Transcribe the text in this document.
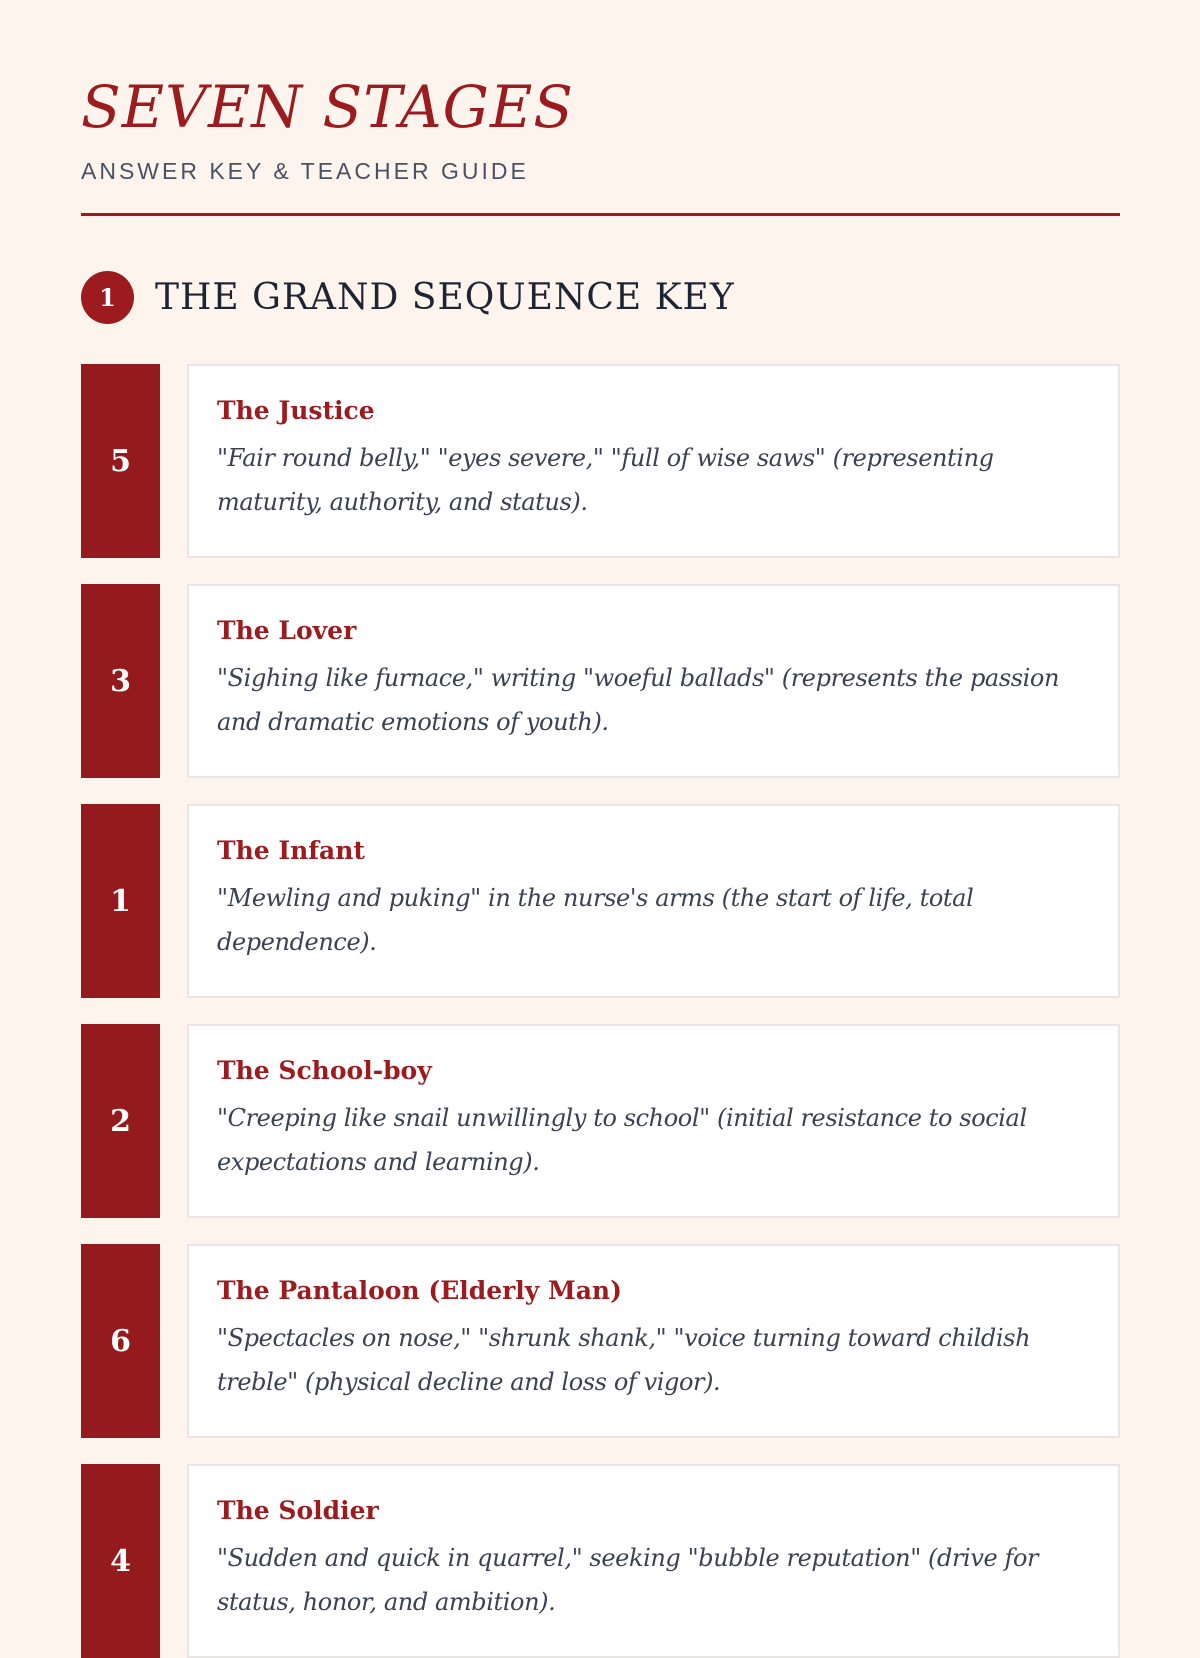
SEVEN STAGES
ANSWER KEY & TEACHER GUIDE
1	THE GRAND SEQUENCE KEY
5
The Justice
"Fair round belly," "eyes severe," "full of wise saws" (representing maturity, authority, and status).
3
The Lover
"Sighing like furnace," writing "woeful ballads" (represents the passion and dramatic emotions of youth).
1
The Infant
"Mewling and puking" in the nurse's arms (the start of life, total dependence).
2
The School-boy
"Creeping like snail unwillingly to school" (initial resistance to social expectations and learning).
6
The Pantaloon (Elderly Man)
"Spectacles on nose," "shrunk shank," "voice turning toward childish treble" (physical decline and loss of vigor).
4
The Soldier
"Sudden and quick in quarrel," seeking "bubble reputation" (drive for status, honor, and ambition).
